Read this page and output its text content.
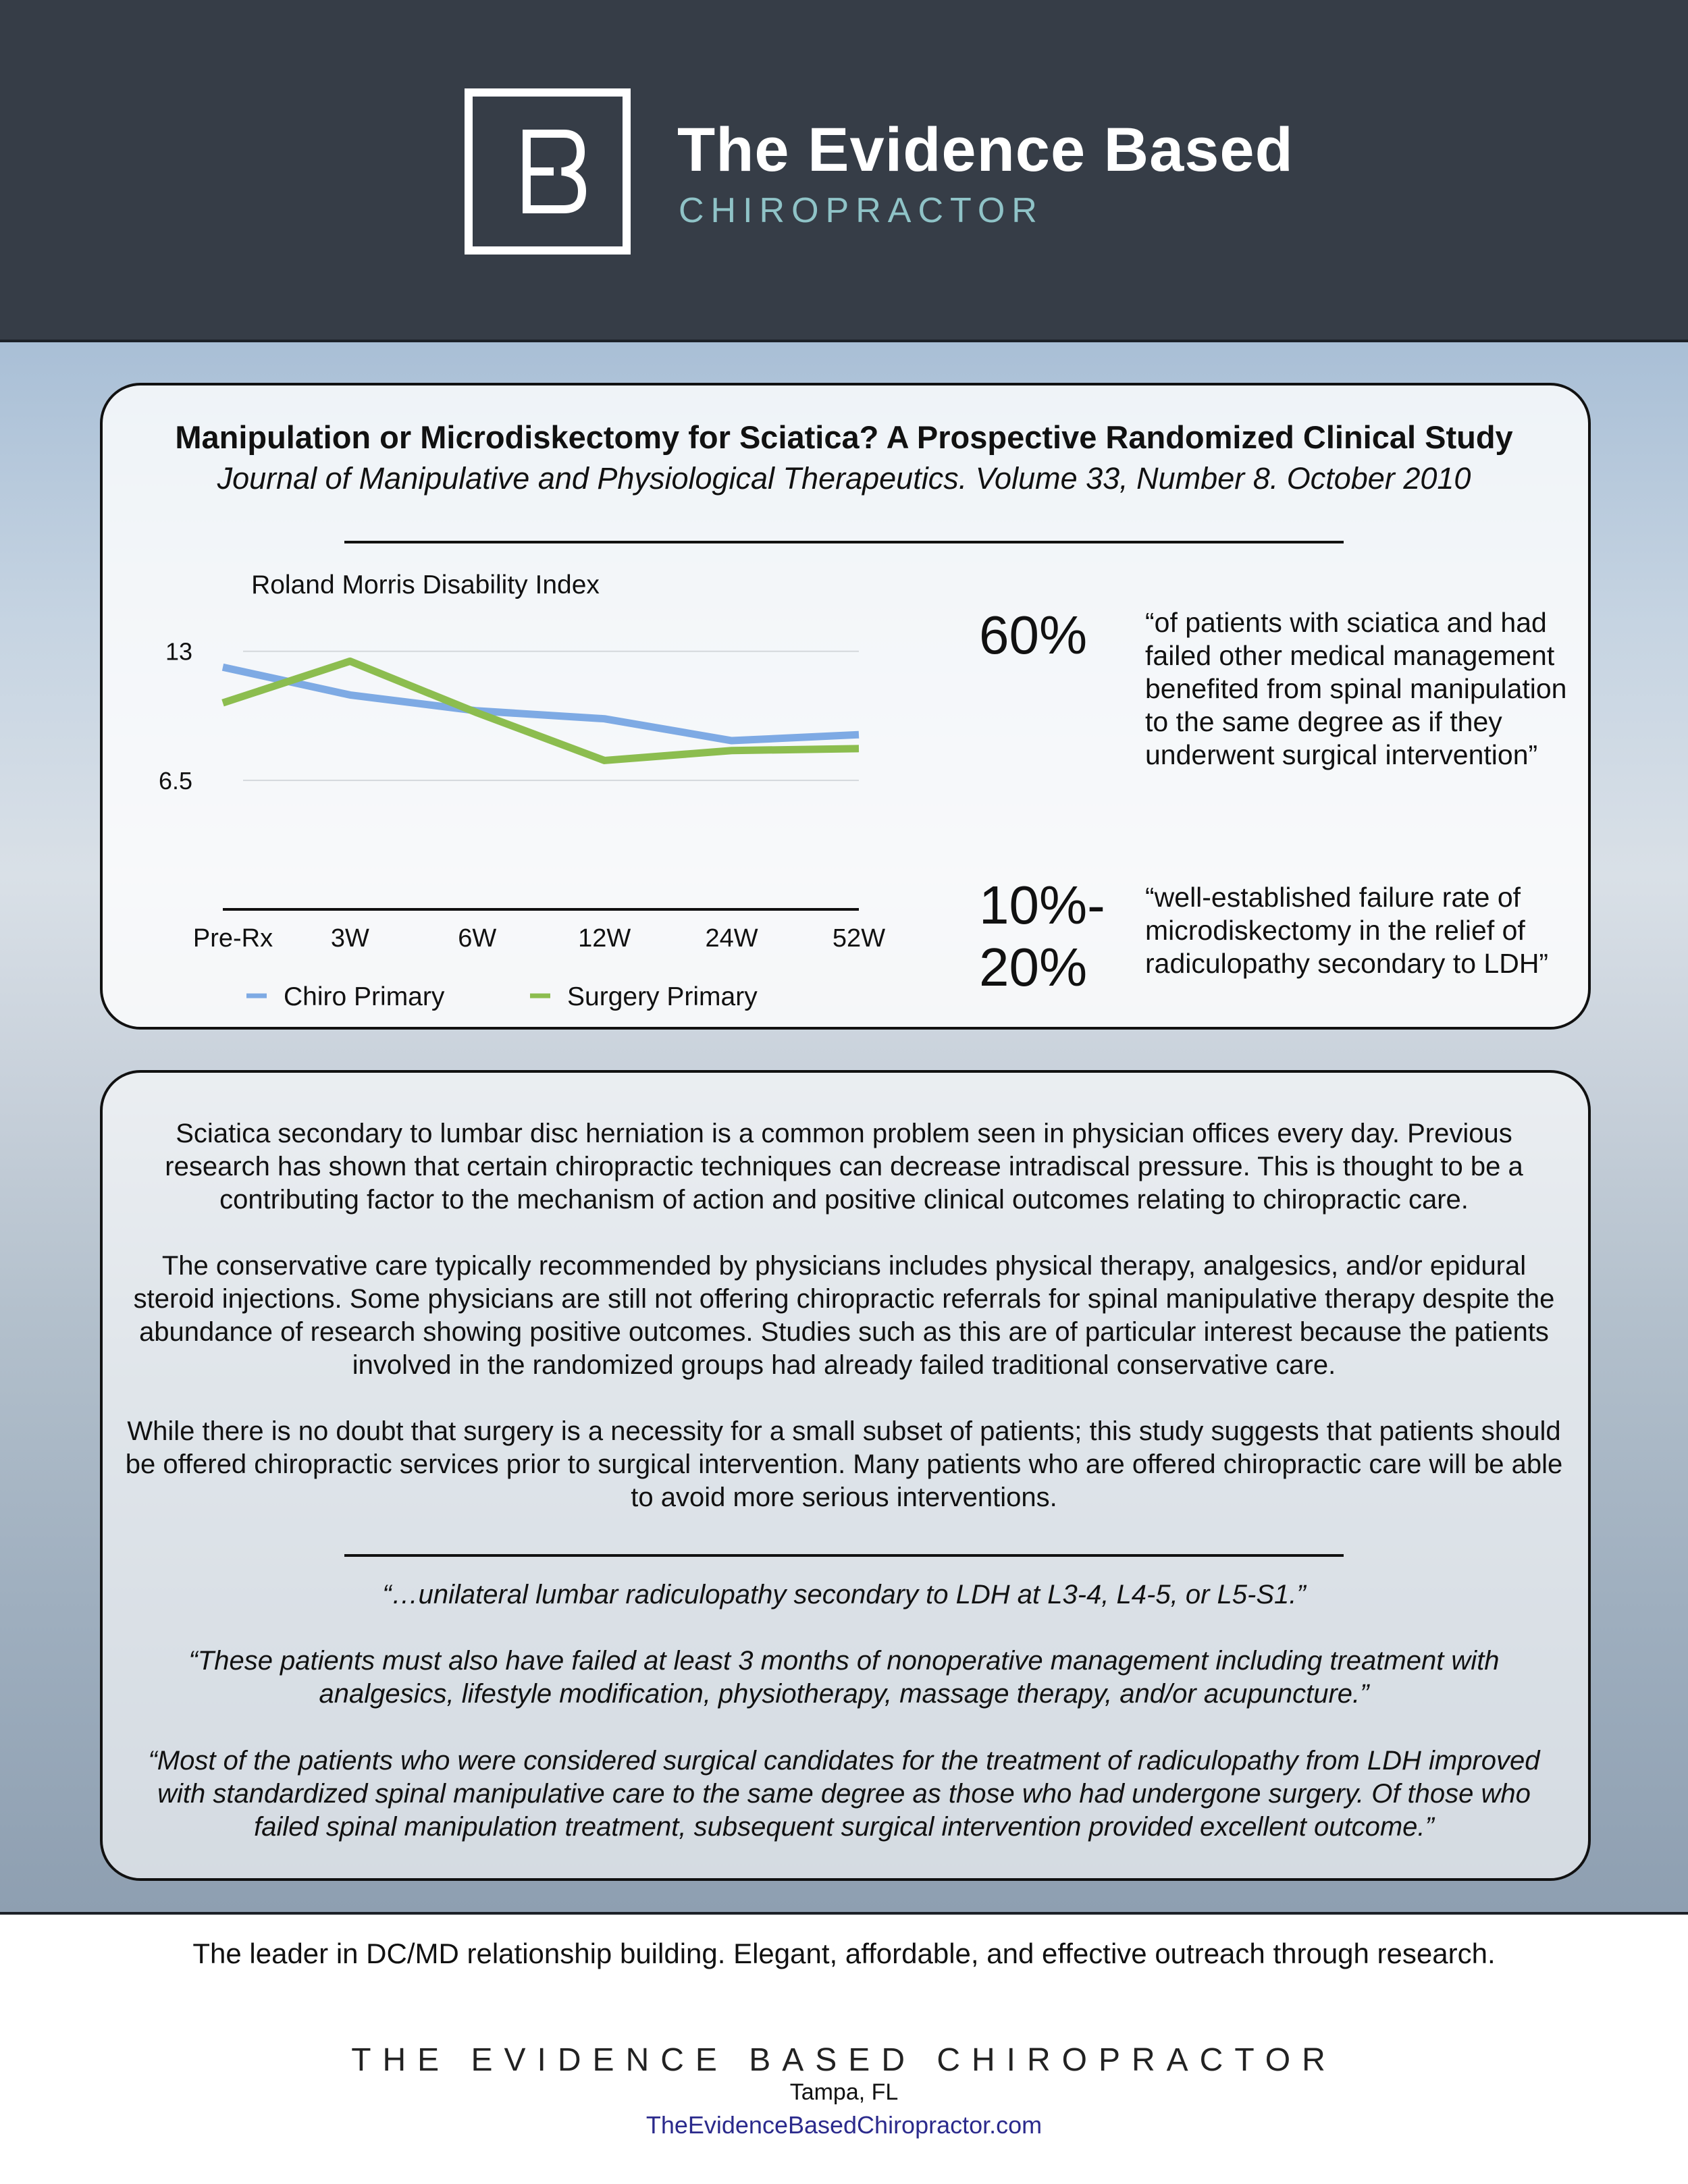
The Evidence Based
CHIROPRACTOR
Manipulation or Microdiskectomy for Sciatica? A Prospective Randomized Clinical Study
Journal of Manipulative and Physiological Therapeutics. Volume 33, Number 8. October 2010
Roland Morris Disability Index
6.5
13
Pre-Rx 3W	6W	12W	24W	52W
Chiro Primary	Surgery Primary
60%	“of patients with sciatica and had failed other medical management benefited from spinal manipulation to the same degree as if they underwent surgical intervention”
10%-
20%
“well-established failure rate of microdiskectomy in the relief of radiculopathy secondary to LDH”
Sciatica secondary to lumbar disc herniation is a common problem seen in physician offices every day. Previous research has shown that certain chiropractic techniques can decrease intradiscal pressure. This is thought to be a contributing factor to the mechanism of action and positive clinical outcomes relating to chiropractic care.
The conservative care typically recommended by physicians includes physical therapy, analgesics, and/or epidural steroid injections. Some physicians are still not offering chiropractic referrals for spinal manipulative therapy despite the abundance of research showing positive outcomes. Studies such as this are of particular interest because the patients involved in the randomized groups had already failed traditional conservative care.
While there is no doubt that surgery is a necessity for a small subset of patients; this study suggests that patients should be offered chiropractic services prior to surgical intervention. Many patients who are offered chiropractic care will be able to avoid more serious interventions.
“…unilateral lumbar radiculopathy secondary to LDH at L3-4, L4-5, or L5-S1.”
“These patients must also have failed at least 3 months of nonoperative management including treatment with analgesics, lifestyle modification, physiotherapy, massage therapy, and/or acupuncture.”
“Most of the patients who were considered surgical candidates for the treatment of radiculopathy from LDH improved with standardized spinal manipulative care to the same degree as those who had undergone surgery. Of those who failed spinal manipulation treatment, subsequent surgical intervention provided excellent outcome.”
The leader in DC/MD relationship building. Elegant, affordable, and effective outreach through research.
THE EVIDENCE BASED CHIROPRACTOR
Tampa, FL
TheEvidenceBasedChiropractor.com
